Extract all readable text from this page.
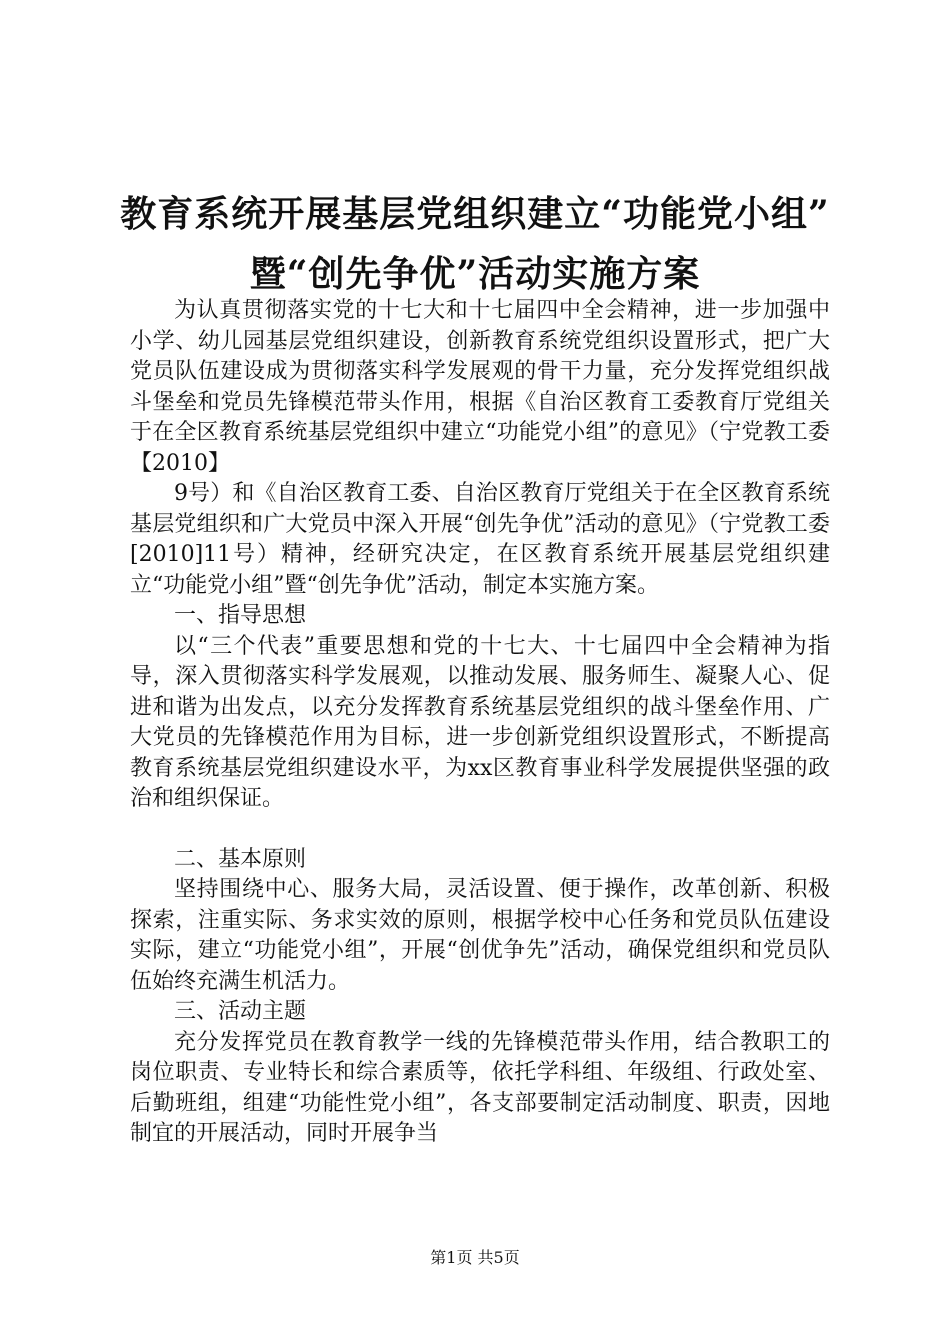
教育系统开展基层党组织建立“功能党小组”
暨“创先争优”活动实施方案

为认真贯彻落实党的十七大和十七届四中全会精神，进一步加强中小学、幼儿园基层党组织建设，创新教育系统党组织设置形式，把广大党员队伍建设成为贯彻落实科学发展观的骨干力量，充分发挥党组织战斗堡垒和党员先锋模范带头作用，根据《自治区教育工委教育厅党组关于在全区教育系统基层党组织中建立“功能党小组”的意见》（宁党教工委【2010】

9号）和《自治区教育工委、自治区教育厅党组关于在全区教育系统基层党组织和广大党员中深入开展“创先争优”活动的意见》（宁党教工委[2010]11号）精神，经研究决定，在区教育系统开展基层党组织建立“功能党小组”暨“创先争优”活动，制定本实施方案。

一、指导思想

以“三个代表”重要思想和党的十七大、十七届四中全会精神为指导，深入贯彻落实科学发展观，以推动发展、服务师生、凝聚人心、促进和谐为出发点，以充分发挥教育系统基层党组织的战斗堡垒作用、广大党员的先锋模范作用为目标，进一步创新党组织设置形式，不断提高教育系统基层党组织建设水平，为xx区教育事业科学发展提供坚强的政治和组织保证。

二、基本原则

坚持围绕中心、服务大局，灵活设置、便于操作，改革创新、积极探索，注重实际、务求实效的原则，根据学校中心任务和党员队伍建设实际，建立“功能党小组”，开展“创优争先”活动，确保党组织和党员队伍始终充满生机活力。

三、活动主题

充分发挥党员在教育教学一线的先锋模范带头作用，结合教职工的岗位职责、专业特长和综合素质等，依托学科组、年级组、行政处室、后勤班组，组建“功能性党小组”，各支部要制定活动制度、职责，因地制宜的开展活动，同时开展争当

第1页 共5页
